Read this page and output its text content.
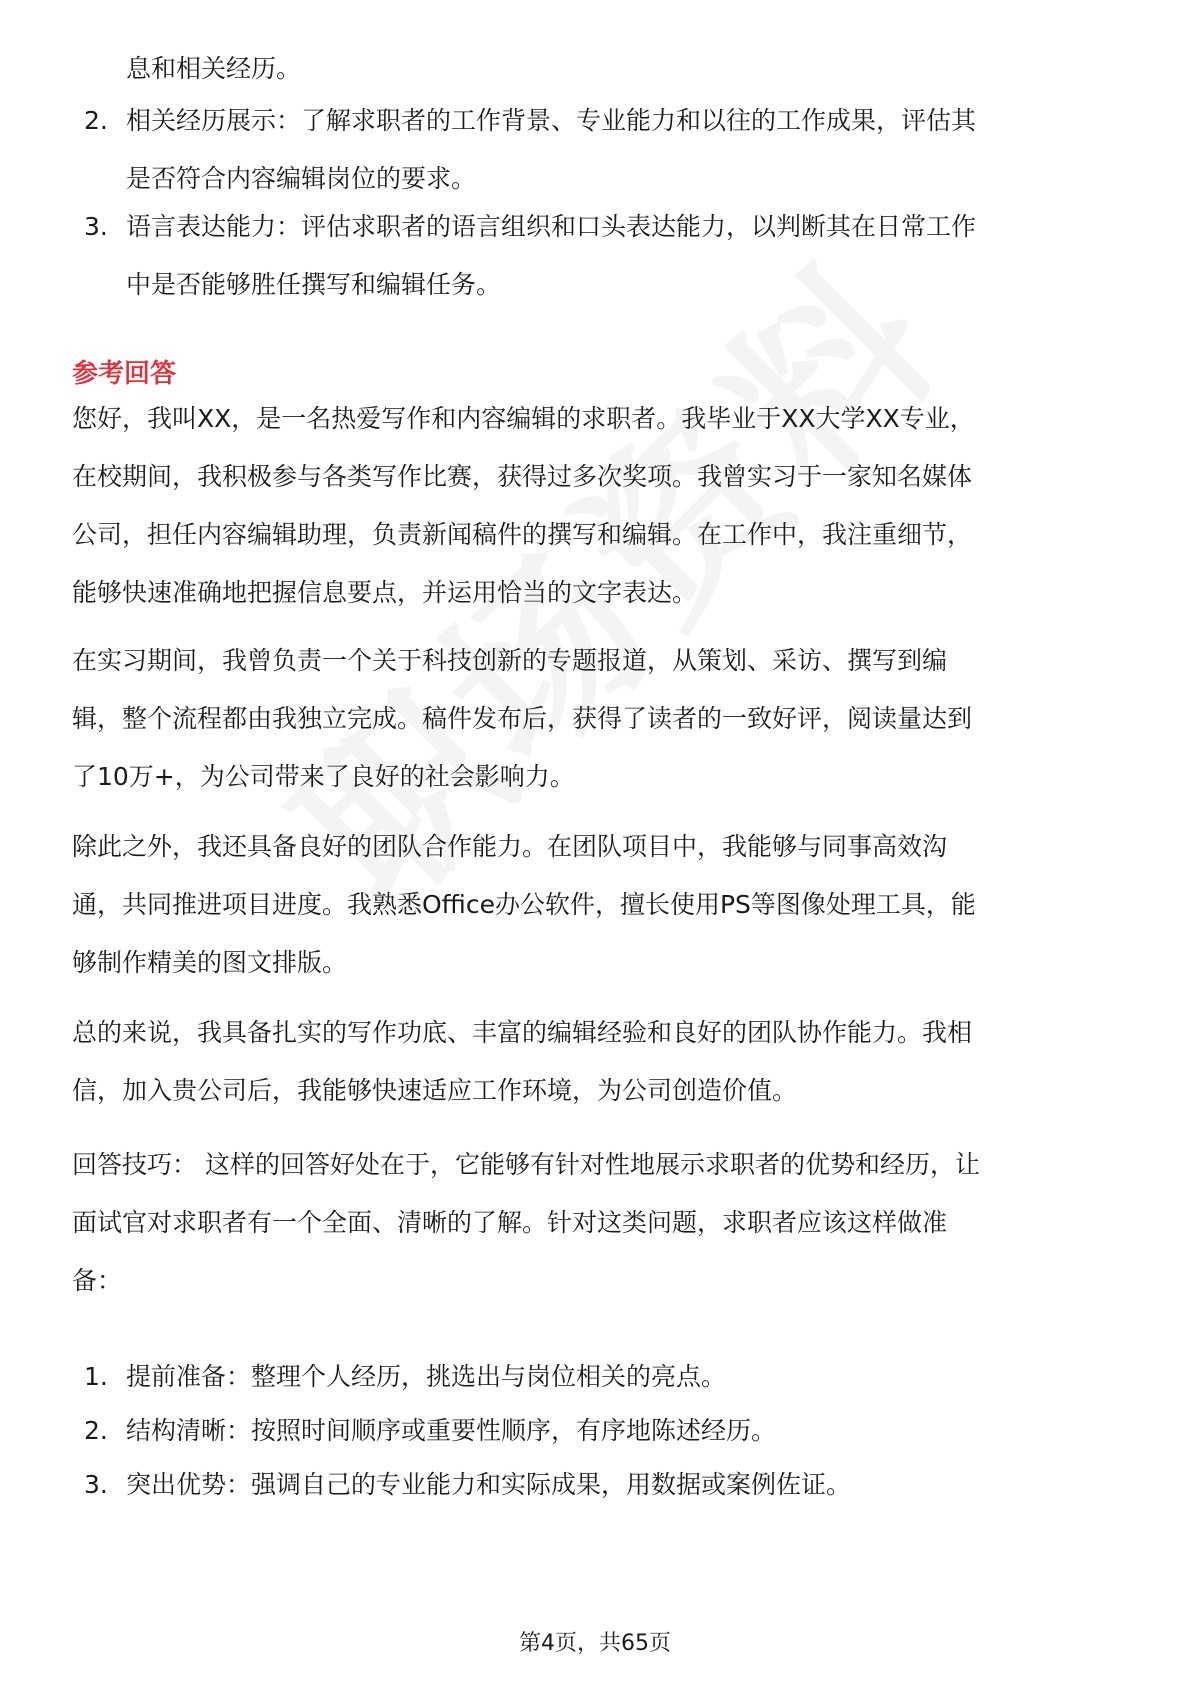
息和相关经历。
2. 相关经历展示：了解求职者的工作背景、专业能力和以往的工作成果，评估其
是否符合内容编辑岗位的要求。
3. 语言表达能力：评估求职者的语言组织和口头表达能力，以判断其在日常工作
中是否能够胜任撰写和编辑任务。
参考回答
您好，我叫XX，是一名热爱写作和内容编辑的求职者。我毕业于XX大学XX专业，
在校期间，我积极参与各类写作比赛，获得过多次奖项。我曾实习于一家知名媒体
公司，担任内容编辑助理，负责新闻稿件的撰写和编辑。在工作中，我注重细节，
能够快速准确地把握信息要点，并运用恰当的文字表达。
在实习期间，我曾负责一个关于科技创新的专题报道，从策划、采访、撰写到编
辑，整个流程都由我独立完成。稿件发布后，获得了读者的一致好评，阅读量达到
了10万+，为公司带来了良好的社会影响力。
除此之外，我还具备良好的团队合作能力。在团队项目中，我能够与同事高效沟
通，共同推进项目进度。我熟悉Office办公软件，擅长使用PS等图像处理工具，能
够制作精美的图文排版。
总的来说，我具备扎实的写作功底、丰富的编辑经验和良好的团队协作能力。我相
信，加入贵公司后，我能够快速适应工作环境，为公司创造价值。
回答技巧： 这样的回答好处在于，它能够有针对性地展示求职者的优势和经历，让
面试官对求职者有一个全面、清晰的了解。针对这类问题，求职者应该这样做准
备：
1. 提前准备：整理个人经历，挑选出与岗位相关的亮点。
2. 结构清晰：按照时间顺序或重要性顺序，有序地陈述经历。
3. 突出优势：强调自己的专业能力和实际成果，用数据或案例佐证。
第4页，共65页
